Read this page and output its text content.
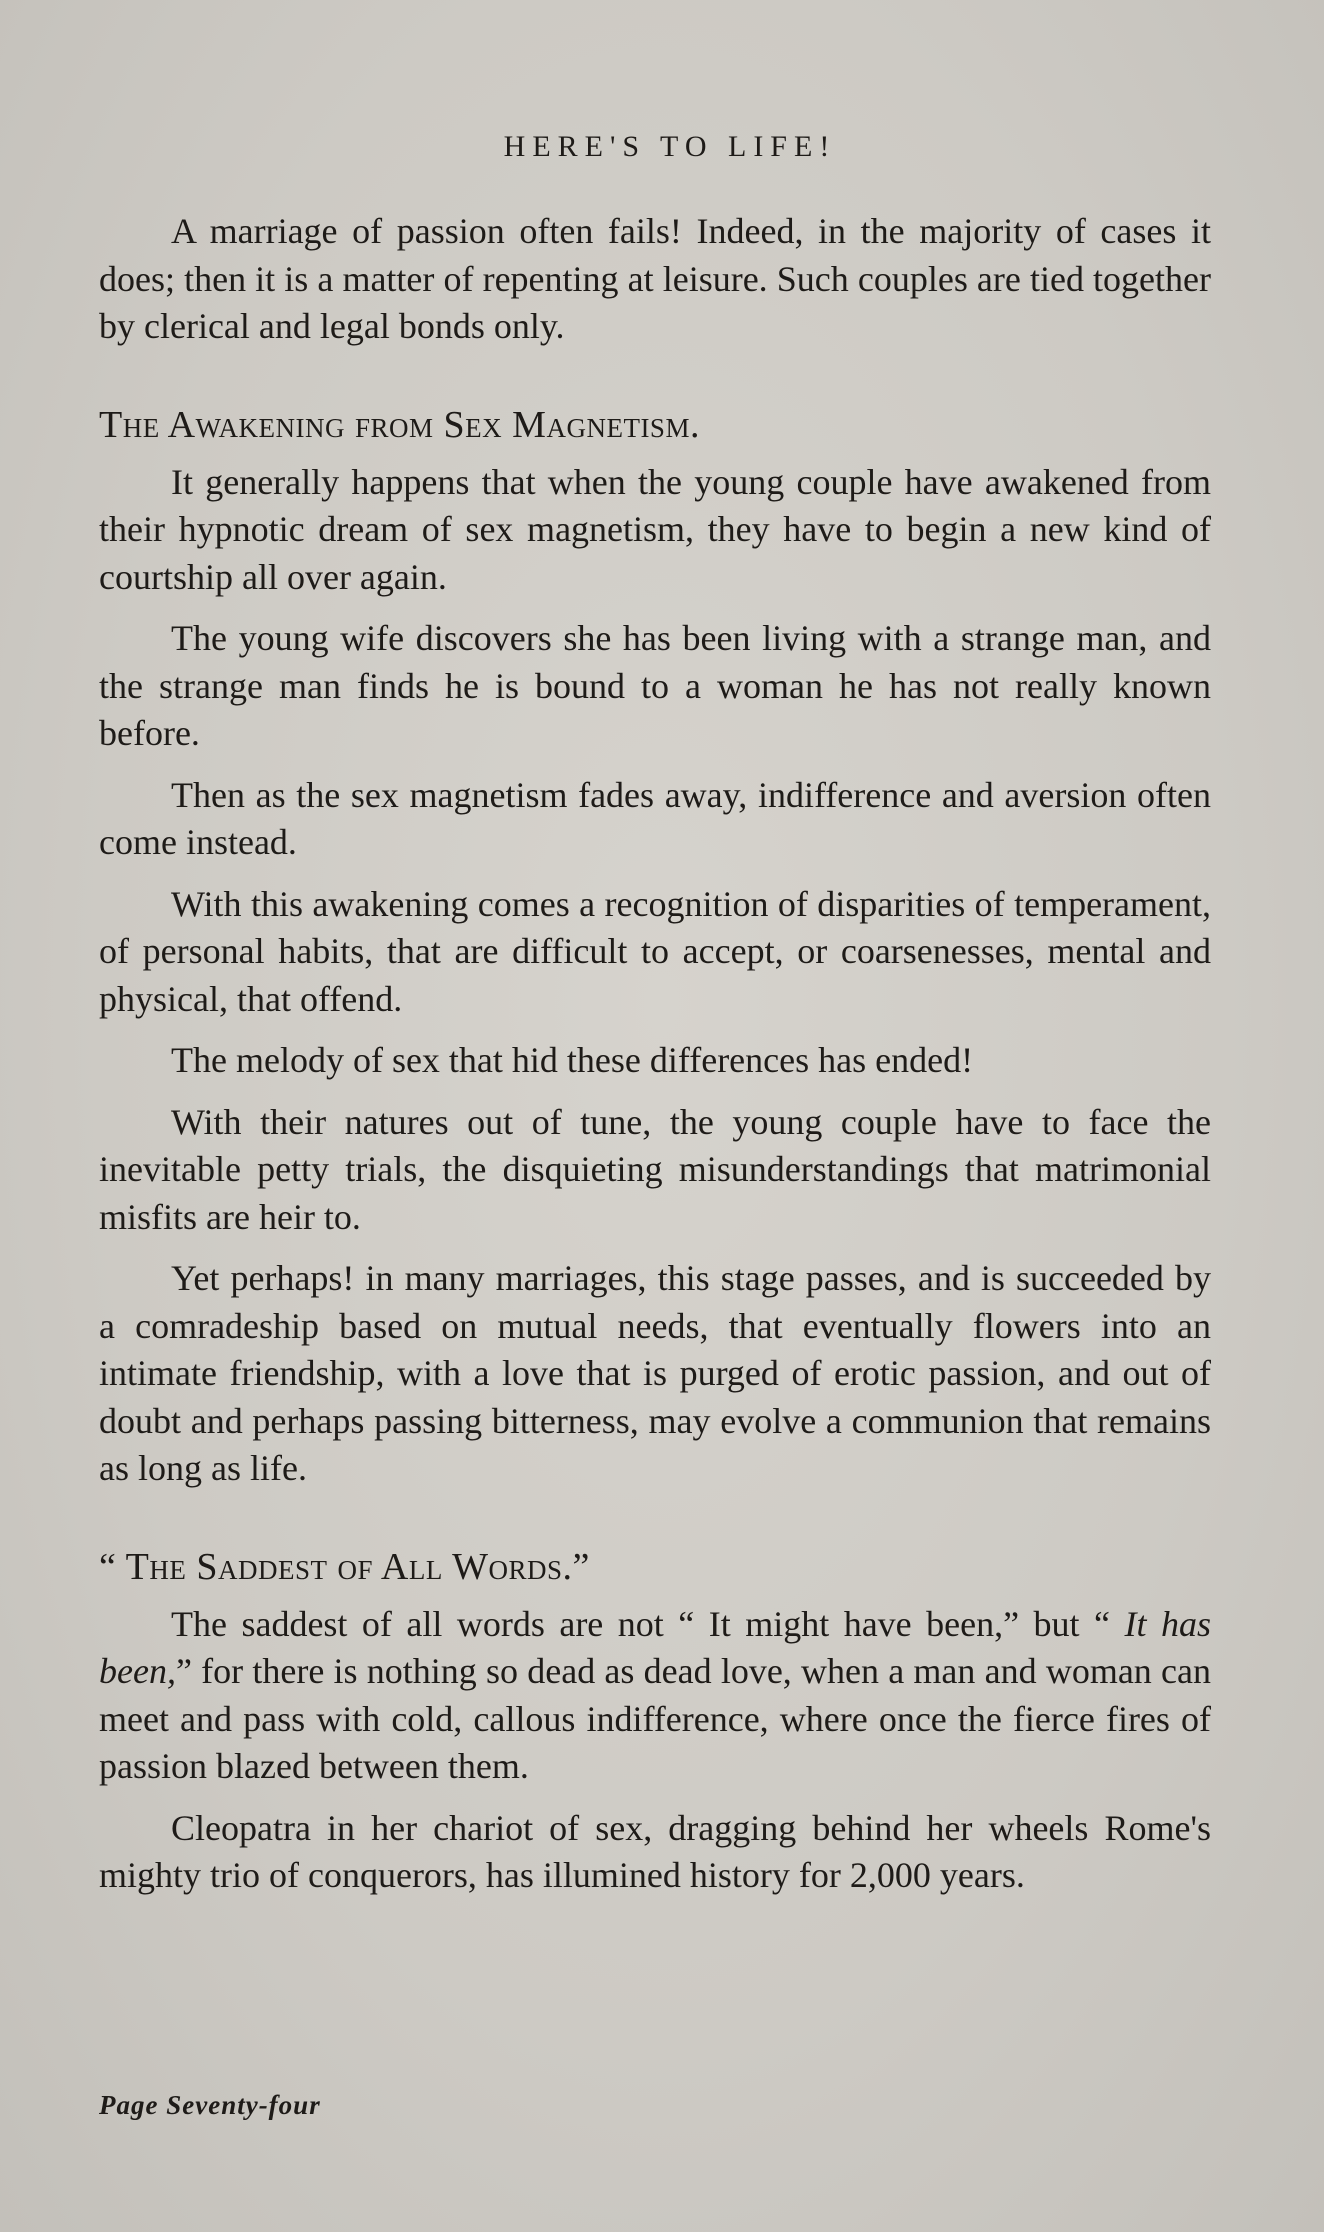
HERE'S TO LIFE!

A marriage of passion often fails! Indeed, in the majority of cases it does; then it is a matter of repenting at leisure. Such couples are tied together by clerical and legal bonds only.

The Awakening from Sex Magnetism.

It generally happens that when the young couple have awakened from their hypnotic dream of sex magnetism, they have to begin a new kind of courtship all over again.

The young wife discovers she has been living with a strange man, and the strange man finds he is bound to a woman he has not really known before.

Then as the sex magnetism fades away, indifference and aversion often come instead.

With this awakening comes a recognition of disparities of temperament, of personal habits, that are difficult to accept, or coarsenesses, mental and physical, that offend.

The melody of sex that hid these differences has ended!

With their natures out of tune, the young couple have to face the inevitable petty trials, the disquieting misunderstandings that matrimonial misfits are heir to.

Yet perhaps! in many marriages, this stage passes, and is succeeded by a comradeship based on mutual needs, that eventually flowers into an intimate friendship, with a love that is purged of erotic passion, and out of doubt and perhaps passing bitterness, may evolve a communion that remains as long as life.

“ The Saddest of All Words.”

The saddest of all words are not “ It might have been,” but “ It has been,” for there is nothing so dead as dead love, when a man and woman can meet and pass with cold, callous indifference, where once the fierce fires of passion blazed between them.

Cleopatra in her chariot of sex, dragging behind her wheels Rome's mighty trio of conquerors, has illumined history for 2,000 years.

Page Seventy-four
